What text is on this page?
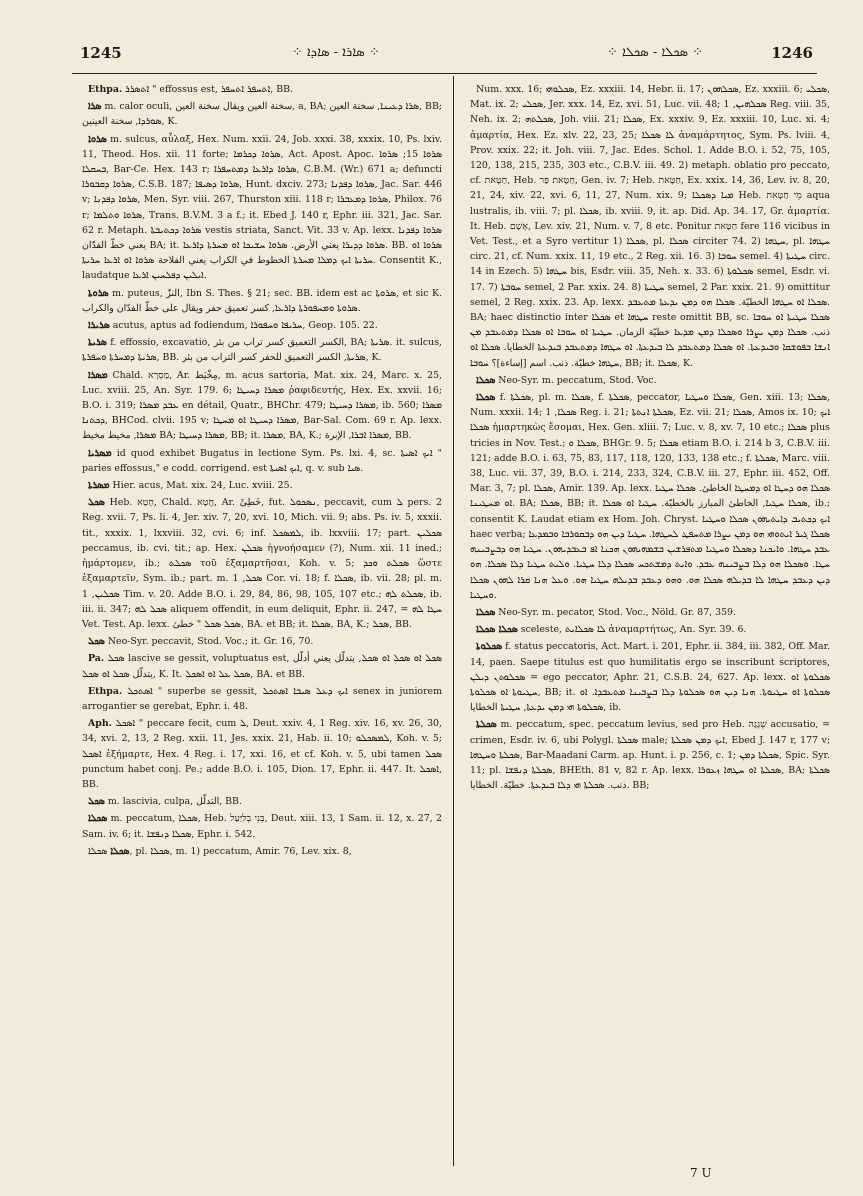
1245	⁘ ܣܐܪܐ - ܣܐܕܐ ⁘	⁘ ܣܟܠܐ - ܣܟܠܐ ⁘	1246

Ethpa. ܐܬܣܪܪ " effossus est, ܐܬܚܦܪ ܐܬܚܦܪ, BB.

ܣܪܐ m. calor oculi, سخنة العين ويقال سخنة العين, a, BA; ܣܪܐ ܕܥܝܢܐ, سخنة العين, BB; ܣܘܪܕܐ, سخنة العينين, K.

ܣܪܘܐ m. sulcus, αὖλαξ, Hex. Num. xxii. 24, Job. xxxi. 38, xxxix. 10, Ps. lxiv. 11, Theod. Hos. xii. 11 forte; ܣܪܘܐ ܕܟܪܡܐ, Act. Apost. Apoc. ܣܪܘܐ 15; ܣܪܘܐ ܒܚܩܠܐ, Bar-Ce. Hex. 143 r; ܣܪܘܐ ܕܐܪܥܐ ܕܡܬܚܦܪܐ, C.B.M. (Wr.) 671 a; defuncti ܣܪܘܐ ܕܩܒܘܪܐ, C.S.B. 187; ܣܪܘܐ ܕܣܝܦܐ, Hunt. dxciv. 273; ܣܪܘܐ ܕܦܕܢܐ, Jac. Sar. 446 v; ܣܪܘܐ ܕܦܕܢܐ, Men. Syr. viii. 267, Thurston xiii. 118 r; ܣܪܘܐ ܕܡܥܒܪܐ, Philox. 76 r; ܣܪܘܐ ܘܬܠܡܐ, Trans. B.V.M. 3 a f.; it. Ebed J. 140 r, Ephr. iii. 321, Jac. Sar. 62 r. Metaph. ܣܪܘܐ ܕܟܬܝܒܬܐ vestis striata, Sanct. Vit. 33 v. Ap. lexx. ܣܪܘܐ ܕܦܕܢܐ يعني خطّ الفدّان BA; it. ܣܪܘܐ ܕܕܝܪܐ يعني الأرض. ܣܪܘܐ ܚܫܝܟܐ ܐܘ ܡܚܪܬܐ ܕܐܪܥܐ. BB. ܣܪܘܐ ܐܘ ܚܪܝܬܐ ܐܝܟ ܕܡܠܐ ܡܚܪܬܐ الخطوط في الكراب يعني الفلاحة ܣܪܘܐ ܐܘ ܐܪܥܐ ܚܪܝܬܐ. Consentit K., laudatque ܐܝܠܝܢ ܕܦܠܚܝܢ ܐܪܥܐ.

ܣܪܘܬܐ m. puteus, النزّ, Ibn S. Thes. § 21; sec. BB. idem est ac ܣܪܘܬܐ, et sic K. ܣܪܘܬܐ ܘܡܚܦܘܪܬܐ ܕܐܪܥܐ, كسر تعميق حفر ويقال على خطّ الفدّان والكراب.

ܣܪܝܪܐ acutus, aptus ad fodiendum, ܚܪܝܦܐ ܘܚܦܘܪܐ, Geop. 105. 22.

ܣܪܝܬܐ f. effossio, excavatio, الكسر التعميق كسر تراب من بئر, BA; ܣܪܝܬܐ. it. sulcus, ܣܪܝܬܐ ܕܡܚܪܬܐ ܘܚܦܪܬܐ, BB. ܣܪܝܬܐ, الكسر التعميق للحفر كسر التراب من بئر, K.

ܡܣܪܐ Chald. מַסְרָא, Ar. مِخْيَط, m. acus sartoria, Mat. xix. 24, Marc. x. 25, Luc. xviii. 25, An. Syr. 179. 6; ܡܣܪܐ ܕܚܝܛܐ ῥαφιδευτής, Hex. Ex. xxvii. 16; B.O. i. 319; ܥܒܕ ܡܣܪܐ en détail, Quatr., BHChr. 479; ܡܣܪܐ ܕܚܝܛܐ, ib. 560; ܡܣܪܐ ܕܟܬܢܐ, BHCod. clvii. 195 v; ܡܣܪܐ ܕܚܝܛܐ ܐܘ ܡܚܛܐ, Bar-Sal. Com. 69 r. Ap. lexx. ܡܣܪܐ, مخيط مخيط BA; ܡܣܪܐ ܕܚܝܛܐ, BB; it. ܡܣܪܐ, BA, K.; ܡܣܪܐ ܐܒܪܐ, الإبرة, BB.

ܡܣܪܝܐ id quod exhibet Bugatus in lectione Sym. Ps. lxi. 4, sc. ܐܝܟ ܐܣܝܬܐ " paries effossus," e codd. corrigend. est ܐܝܟ ܐܣܝܬܐ, q. v. sub ܣܝܐ.

ܡܣܪܬܐ Hier. acus, Mat. xix. 24, Luc. xviii. 25.

ܣܟܠ Heb. חָטָא, Chald. חֲטָא, Ar. خَطِئَ, fut. ܢܣܟܘܠ, peccavit, cum ܠ pers. 2 Reg. xvii. 7, Ps. li. 4, Jer. xiv. 7, 20, xvi. 10, Mich. vii. 9; abs. Ps. iv. 5, xxxii. tit., xxxix. 1, lxxviii. 32, cvi. 6; inf. ܠܡܣܟܠ, ib. lxxviii. 17; part. ܣܟܠܝܢ peccamus, ib. cvi. tit.; ap. Hex. ܣܟܠܢ ἡγνοήσαμεν (?), Num. xii. 11 ined.; ἡμάρτομεν, ib.; ܣܟܠܬ τοῦ ἐξαμαρτῆσαι, Koh. v. 5; ܣܟܠܬ ܘܟܕ ὥστε ἐξαμαρτεῖν, Sym. ib.; part. m. ܣܟܠ, 1 Cor. vi. 18; f. ܣܟܠܐ, ib. vii. 28; pl. m. ܣܟܠܝܢ, 1 Tim. v. 20. Adde B.O. i. 29, 84, 86, 98, 105, 107 etc.; ܣܟܠܬ ܠܗ, ib. iii. ii. 347; ܣܟܠ ܠܗ aliquem offendit, in eum deliquit, Ephr. ii. 247, = ܚܛܐ ܠܗ Vet. Test. Ap. lexx. ܣܟܠ ܣܟܠ " خطئ, BA. et BB; it. ܣܟܠܐ, BA, K.; ܣܟܠ, BB.

ܣܟܠ Neo-Syr. peccavit, Stod. Voc.; it. Gr. 16, 70.

Pa. ܣܟܠ lascive se gessit, voluptuatus est, ܣܟܠ ܐܘ ܣܟܠ ܐܘ ܣܟܠ, يتدلّل يعني أدلّل يتدلّل ܣܟܠ ܐܘ ܣܟܠ, K. It. ܣܟܠ ܥܠ ܐܘ ܐܣܟܠ, BA. et BB.

Ethpa. ܐܣܬܟܠ " superbe se gessit, ܐܝܟ ܕܥܠ ܣܝܒܐ ܐܣܬܟܠ senex in juniorem arrogantier se gerebat, Ephr. i. 48.

Aph. ܐܣܟܠ " peccare fecit, cum ܠ, Deut. xxiv. 4, 1 Reg. xiv. 16, xv. 26, 30, 34, xvi. 2, 13, 2 Reg. xxii. 11, Jes. xxix. 21, Hab. ii. 10; ܠܡܣܟܠܘ, Koh. v. 5; ܐܣܟܠ ἐξήμαρτε, Hex. 4 Reg. i. 17, xxi. 16, et cf. Koh. v. 5, ubi tamen ܣܟܠ punctum habet conj. Pe.; adde B.O. i. 105, Dion. 17, Ephr. ii. 447. It. ܐܣܟܠ, BB.

ܣܟܠ m. lascivia, culpa, التدلّل, BB.

ܣܟܠܐ m. peccatum, ܣܟܠܐ, Heb. בְּנֵי בְלִיַּעַל, Deut. xiii. 13, 1 Sam. ii. 12, x. 27, 2 Sam. iv. 6; it. ܣܟܠܐ ܕܢܦܫܐ, Ephr. i. 542.

ܣܟܠܐ ܣܟܠܐ, pl. ܣܟܠܐ, m. 1) peccatum, Amir. 76, Lev. xix. 8,

Num. xxx. 16; ܣܟܠܘܗܝ, Ez. xxxiii. 14, Hebr. ii. 17; ܣܟܠܗܘܢ, Ez. xxxiii. 6; ܣܟܠܝ, Mat. ix. 2; ܣܟܠܝ, Jer. xxx. 14, Ez. xvi. 51, Luc. vii. 48; ܣܟܠܗܝܢ, 1 Reg. viii. 35, Neh. ix. 2; ܣܟܠܬܗ, Joh. viii. 21; ܣܟܠܐ, Ex. xxxiv. 9, Ez. xxxiii. 10, Luc. xi. 4; ἁμαρτία, Hex. Ez. xlv. 22, 23, 25; ܠܐ ܣܟܠܐ ἀναμάρτητος, Sym. Ps. lviii. 4, Prov. xxix. 22; it. Joh. viii. 7, Jac. Edes. Schol. 1. Adde B.O. i. 52, 75, 105, 120, 138, 215, 235, 303 etc., C.B.V. iii. 49. 2) metaph. oblatio pro peccato, cf. חַטָּאת, Heb. חַטָּאת פַּר, Gen. iv. 7; Heb. חַטָּאת, Ex. xxix. 14, 36, Lev. iv. 8, 20, 21, 24, xiv. 22, xvi. 6, 11, 27, Num. xix. 9; ܡܝܐ ܕܣܟܠܐ Heb. מֵי חַטָּאת aqua lustralis, ib. viii. 7; pl. ܣܟܠܐ, ib. xviii. 9, it. ap. Did. Ap. 34. 17, Gr. ἁμαρτία. It. Heb. אָשָׁם, Lev. xiv. 21, Num. v. 7, 8 etc. Ponitur חַטָּאת fere 116 vicibus in Vet. Test., et a Syro vertitur 1) ܣܟܠܐ, pl. ܣܟܠܐ circiter 74. 2) ܚܛܗܐ, pl. ܚܛܗܐ circ. 21, cf. Num. xxix. 11, 19 etc., 2 Reg. xii. 16. 3) ܚܘܒܐ semel. 4) ܚܛܝܬܐ circ. 14 in Ezech. 5) ܚܛܗܐ bis, Esdr. viii. 35, Neh. x. 33. 6) ܣܟܠܘܬܐ semel, Esdr. vi. 17. 7) ܚܘܒܬܐ semel, 2 Par. xxix. 24. 8) ܚܛܝܬܐ semel, 2 Par. xxix. 21. 9) omittitur semel, 2 Reg. xxix. 23. Ap. lexx. ܣܟܠܐ ܐܘ ܚܛܗܐ الخطيّة. ܣܟܠܐ ܗܘ ܕܡܢ ܝܕܥܬܐ ܡܬܥܒܕ. BA; haec distinctio inter ܣܟܠܐ et ܚܛܗܐ reste omittit BB, sc. ܣܟܠܐ ܚܛܝܬܐ ܐܘ ܚܘܒܐ ذنب. ܣܟܠܐ ܕܡܢ ܝܨܪܐ ܘܣܟܠܐ ܕܡܢ ܡܕܥܐ خطيّة الزمان. ܚܛܝܬܐ ܐܘ ܚܘܒܐ ܐܘ ܣܟܠܐ ܕܡܬܥܒܕ ܡܢ ܐܢܫܐ ܒܦܘܫܩܐ ܘܒܝܕܥܬܐ. ܐܘ ܣܟܠܐ ܕܡܬܥܒܕ ܠܐ ܒܝܕܥܬܐ. ܐܘ ܚܛܗܐ ܕܡܬܥܒܕ ܒܝܕܥܬܐ الخطايا. ܣܟܠܐ ܐܘ ܚܛܗܐ خطيّة. ذنب. اسم [إساءة]؟ ܚܘܒܐ, BB; it. ܣܟܠܐ, K.

ܣܟܠܐ Neo-Syr. m. peccatum, Stod. Voc.

ܣܟܠܐ f. ܣܟܠܬܐ, pl. m. ܣܟܠܐ, f. ܣܟܠܬܐ, peccator, ܣܟܠܐ ܘܚܛܝܐ, Gen. xiii. 13; ܣܟܠܐ, Num. xxxii. 14; ܣܟܠܐ, 1 Reg. i. 21; ܣܟܠܬܐ ܐܢܬܬܐ, Ez. vii. 21; ܣܟܠܐ, Amos ix. 10; ܐܝܟ ܣܟܠܐ ἡμαρτηκὼς ἔσομαι, Hex. Gen. xliii. 7; Luc. v. 8, xv. 7, 10 etc.; ܣܟܠܐ plus tricies in Nov. Test.; ܣܟܠܐ ܘ, BHGr. 9. 5; ܣܟܠܐ etiam B.O. i. 214 b 3, C.B.V. iii. 121; adde B.O. i. 63, 75, 83, 117, 118, 120, 133, 138 etc.; f. ܣܟܠܬܐ, Marc. viii. 38, Luc. vii. 37, 39, B.O. i. 214, 233, 324, C.B.V. iii. 27, Ephr. iii. 452, Off. Mar. 3, 7; pl. ܣܟܠܐ, Amir. 139. Ap. lexx. ܣܟܠܐ ܗܘ ܕܚܛܐ ܐܘ ܕܡܚܛܐ الخاطئ. ܣܟܠܐ ܚܛܝܐ ܐܘ ܡܚܛܝܢܐ. BA; ܣܟܠܐ, BB; it. ܣܟܠܐ ܚܛܝܐ, الخاطئ المبارز بالخطيّة. ܚܛܝܐ ܐܘ ܣܟܠܐ, ib.; consentit K. Laudat etiam ex Hom. Joh. Chryst. ܐܝܟ ܕܟܬܝܒ ܕܐܝܬܝܗܘܢ ܣܟܠܐ ܘܚܛܝܐ haec verba; ܣܟܠܐ ܓܝܪ ܐܝܬܘܗܝ ܗܘ ܕܡܢ ܝܨܪܐ ܡܬܚܦܛ ܠܚܛܗܐ. ܚܛܝܐ ܕܝܢ ܗܘ ܕܒܩܘܪܒܐ ܘܒܡܕܥܐ ܥܒܕ ܚܛܗܐ. ܘܐܝܟܢܐ ܕܣܟܠܐ ܘܚܛܝܐ ܡܬܦܪܫܝܢ ܒܫܡܗܝܗܘܢ ܗܟܢܐ ܐܦ ܒܥܒܕܝܗܘܢ. ܚܛܝܐ ܗܘ ܕܒܨܒܝܢܗ ܚܛܐ. ܘܣܟܠܐ ܗܘ ܕܠܐ ܒܨܒܝܢܗ ܥܒܕ. ܘܐܝܬ ܕܡܫܬܟܚ ܣܟܠܐ ܕܠܐ ܚܛܝܐ. ܘܠܝܬ ܚܛܝܐ ܕܠܐ ܣܟܠܐ. ܗܘ ܕܝܢ ܕܥܒܕ ܚܛܗܐ ܠܐ ܒܕܝܠܗ ܣܟܠܐ ܗܘ. ܘܗܘ ܕܥܒܕ ܒܕܝܠܗ ܚܛܝܐ ܗܘ. ܘܥܠ ܗܢܐ ܩܪܐ ܠܗܘܢ ܣܟܠܐ ܘܚܛܝܐ.

ܣܟܠܐ Neo-Syr. m. pecator, Stod. Voc., Nöld. Gr. 87, 359.

ܣܟܠܐ ܣܟܠܐ sceleste, ܠܐ ܣܟܠܐܝܬ ἀναμαρτήτως, An. Syr. 39. 6.

ܣܟܠܘܬܐ f. status peccatoris, Act. Mart. i. 201, Ephr. ii. 384, iii. 382, Off. Mar. 14, paen. Saepe titulus est quo humilitatis ergo se inscribunt scriptores, ܣܟܠܘܬܢ ܕܝܠܢ = ego peccator, Aphr. 21, C.S.B. 24, 627. Ap. lexx. ܣܟܠܘܬܐ ܐܘ ܚܛܝܘܬܐ ܐܘ ܣܟܠܘܬܐ, BB; it. ܣܟܠܘܬܐ ܐܘ ܚܛܝܘܬܐ. ܗܢܐ ܕܝܢ ܗܘ ܣܟܠܘܬܐ ܕܠܐ ܒܨܒܝܢܐ ܡܬܥܒܕܐ. ܐܘ ܣܟܠܘܬܐ ܗܝ ܕܡܢ ܝܕܥܬܐ, ܚܛܝܬܐ الخطايا, ib.

ܣܟܠܬܐ m. peccatum, spec. peccatum levius, sed pro Heb. שְׁגָגָה accusatio, = crimen, Esdr. iv. 6, ubi Polygl. ܣܟܠܬܐ male; ܐܝܟ ܕܡܢ ܣܟܠܬܐ, Ebed J. 147 r, 177 v; ܣܟܠܬܐ ܘܚܛܗܐ, Bar-Maadani Carm. ap. Hunt. i. p. 256, c. 1; ܣܟܠܬܐ ܕܡܢ, Spic. Syr. 11; pl. ܣܟܠܬܐ ܕܢܦܫܐ, BHEth. 81 v, 82 r. Ap. lexx. ܣܟܠܬܐ ܐܘ ܚܛܗܐ ܙܥܘܪܐ, BA; ܣܟܠܬܐ ذنب. ܣܟܠܬܐ ܗܝ ܕܠܐ ܒܝܕܥܬܐ. خطيّة. الخطايا. BB;

7 U
